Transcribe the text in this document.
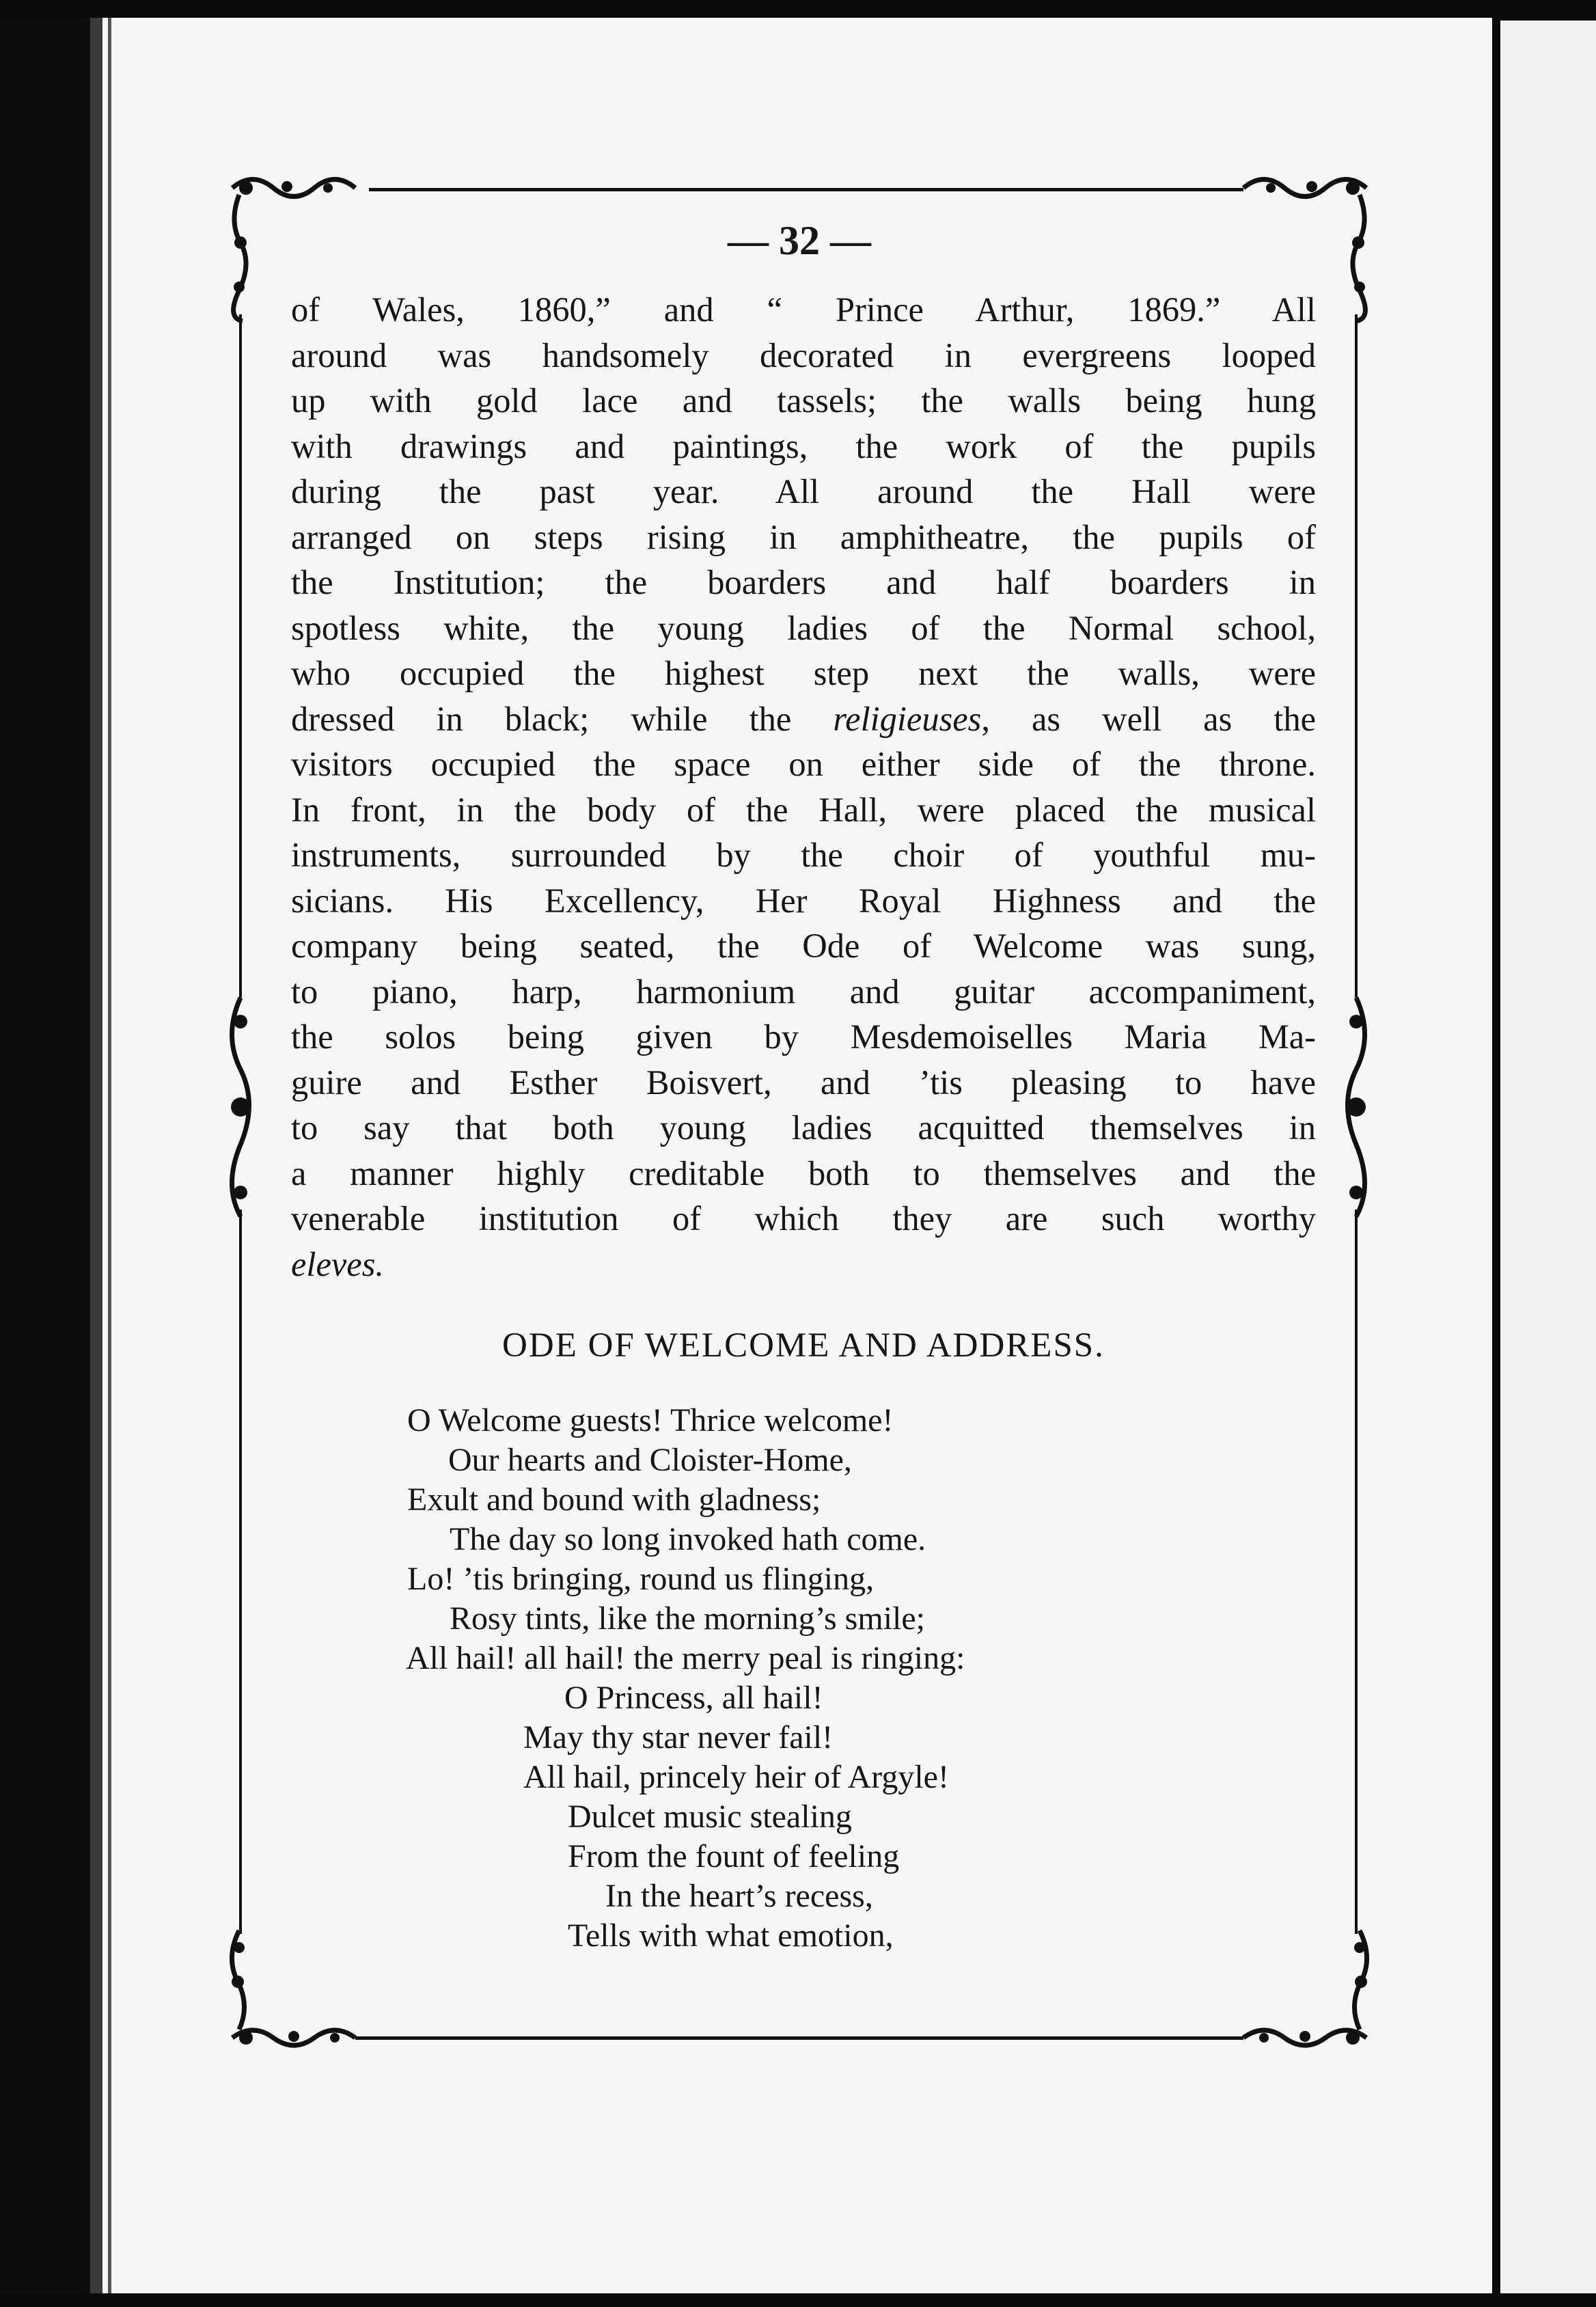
— 32 —

of Wales, 1860,” and “ Prince Arthur, 1869.” All

around was handsomely decorated in evergreens looped

up with gold lace and tassels; the walls being hung

with drawings and paintings, the work of the pupils

during the past year. All around the Hall were

arranged on steps rising in amphitheatre, the pupils of

the Institution; the boarders and half boarders in

spotless white, the young ladies of the Normal school,

who occupied the highest step next the walls, were

dressed in black; while the religieuses, as well as the

visitors occupied the space on either side of the throne.

In front, in the body of the Hall, were placed the musical

instruments, surrounded by the choir of youthful mu-

sicians. His Excellency, Her Royal Highness and the

company being seated, the Ode of Welcome was sung,

to piano, harp, harmonium and guitar accompaniment,

the solos being given by Mesdemoiselles Maria Ma-

guire and Esther Boisvert, and ’tis pleasing to have

to say that both young ladies acquitted themselves in

a manner highly creditable both to themselves and the

venerable institution of which they are such worthy

eleves.

ODE OF WELCOME AND ADDRESS.
O Welcome guests! Thrice welcome!
Our hearts and Cloister-Home,
Exult and bound with gladness;
The day so long invoked hath come.
Lo! ’tis bringing, round us flinging,
Rosy tints, like the morning’s smile;
All hail! all hail! the merry peal is ringing:
O Princess, all hail!
May thy star never fail!
All hail, princely heir of Argyle!
Dulcet music stealing
From the fount of feeling
In the heart’s recess,
Tells with what emotion,
